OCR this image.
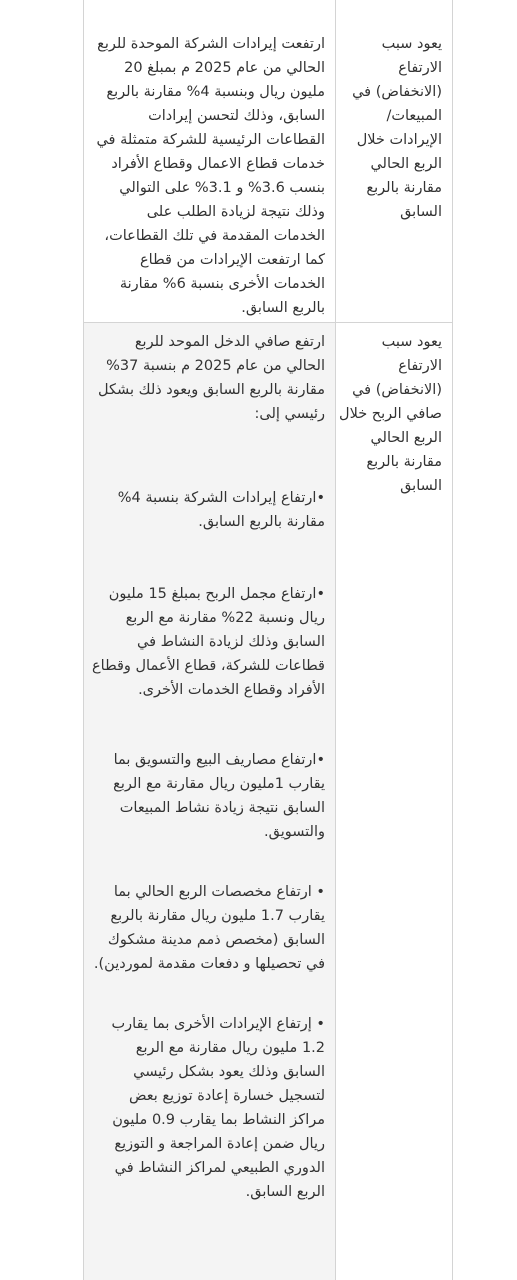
يعود سبب الارتفاع (الانخفاض) في المبيعات/ الإيرادات خلال الربع الحالي مقارنة بالربع السابق

ارتفعت إيرادات الشركة الموحدة للربع الحالي من عام 2025 م بمبلغ 20 مليون ريال وبنسبة 4% مقارنة بالربع السابق، وذلك لتحسن إيرادات القطاعات الرئيسية للشركة متمثلة في خدمات قطاع الاعمال وقطاع الأفراد بنسب 3.6% و 3.1% على التوالي وذلك نتيجة لزيادة الطلب على الخدمات المقدمة في تلك القطاعات، كما ارتفعت الإيرادات من قطاع الخدمات الأخرى بنسبة 6% مقارنة بالربع السابق.

يعود سبب الارتفاع (الانخفاض) في صافي الربح خلال الربع الحالي مقارنة بالربع السابق

ارتفع صافي الدخل الموحد للربع الحالي من عام 2025 م بنسبة 37% مقارنة بالربع السابق ويعود ذلك بشكل رئيسي إلى:

•ارتفاع إيرادات الشركة بنسبة 4% مقارنة بالربع السابق.

•ارتفاع مجمل الربح بمبلغ 15 مليون ريال ونسبة 22% مقارنة مع الربع السابق وذلك لزيادة النشاط في قطاعات للشركة، قطاع الأعمال وقطاع الأفراد وقطاع الخدمات الأخرى.

•ارتفاع مصاريف البيع والتسويق بما يقارب 1مليون ريال مقارنة مع الربع السابق نتيجة زيادة نشاط المبيعات والتسويق.

• ارتفاع مخصصات الربع الحالي بما يقارب 1.7 مليون ريال مقارنة بالربع السابق (مخصص ذمم مدينة مشكوك في تحصيلها و دفعات مقدمة لموردين).

• إرتفاع الإيرادات الأخرى بما يقارب 1.2 مليون ريال مقارنة مع الربع السابق وذلك يعود بشكل رئيسي لتسجيل خسارة إعادة توزيع بعض مراكز النشاط بما يقارب 0.9 مليون ريال ضمن إعادة المراجعة و التوزيع الدوري الطبيعي لمراكز النشاط في الربع السابق.
